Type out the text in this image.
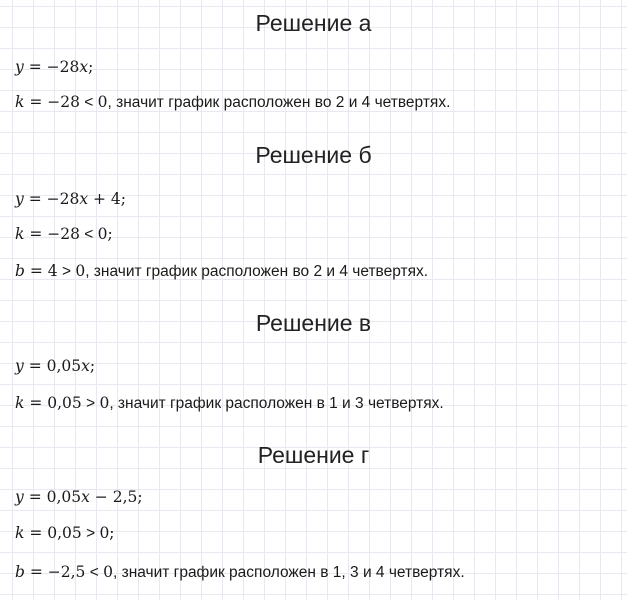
Решение а
y = −28x;
k = −28 < 0, значит график расположен во 2 и 4 четвертях.
Решение б
y = −28x + 4;
k = −28 < 0;
b = 4 > 0, значит график расположен во 2 и 4 четвертях.
Решение в
y = 0,05x;
k = 0,05 > 0, значит график расположен в 1 и 3 четвертях.
Решение г
y = 0,05x − 2,5;
k = 0,05 > 0;
b = −2,5 < 0, значит график расположен в 1, 3 и 4 четвертях.
